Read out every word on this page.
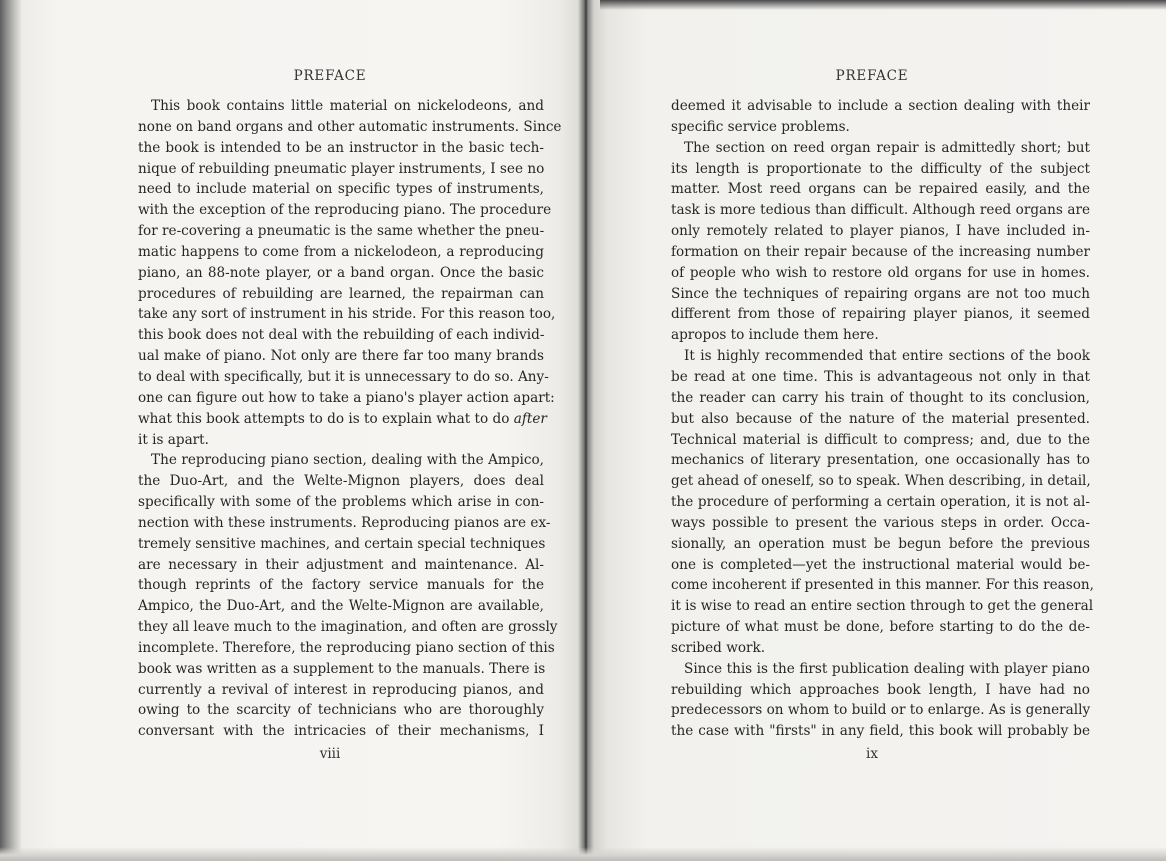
PREFACE

This book contains little material on nickelodeons, and
none on band organs and other automatic instruments. Since
the book is intended to be an instructor in the basic tech-
nique of rebuilding pneumatic player instruments, I see no
need to include material on specific types of instruments,
with the exception of the reproducing piano. The procedure
for re-covering a pneumatic is the same whether the pneu-
matic happens to come from a nickelodeon, a reproducing
piano, an 88-note player, or a band organ. Once the basic
procedures of rebuilding are learned, the repairman can
take any sort of instrument in his stride. For this reason too,
this book does not deal with the rebuilding of each individ-
ual make of piano. Not only are there far too many brands
to deal with specifically, but it is unnecessary to do so. Any-
one can figure out how to take a piano's player action apart:
what this book attempts to do is to explain what to do after
it is apart.

The reproducing piano section, dealing with the Ampico,
the Duo-Art, and the Welte-Mignon players, does deal
specifically with some of the problems which arise in con-
nection with these instruments. Reproducing pianos are ex-
tremely sensitive machines, and certain special techniques
are necessary in their adjustment and maintenance. Al-
though reprints of the factory service manuals for the
Ampico, the Duo-Art, and the Welte-Mignon are available,
they all leave much to the imagination, and often are grossly
incomplete. Therefore, the reproducing piano section of this
book was written as a supplement to the manuals. There is
currently a revival of interest in reproducing pianos, and
owing to the scarcity of technicians who are thoroughly
conversant with the intricacies of their mechanisms, I

viii
PREFACE

deemed it advisable to include a section dealing with their
specific service problems.

The section on reed organ repair is admittedly short; but
its length is proportionate to the difficulty of the subject
matter. Most reed organs can be repaired easily, and the
task is more tedious than difficult. Although reed organs are
only remotely related to player pianos, I have included in-
formation on their repair because of the increasing number
of people who wish to restore old organs for use in homes.
Since the techniques of repairing organs are not too much
different from those of repairing player pianos, it seemed
apropos to include them here.

It is highly recommended that entire sections of the book
be read at one time. This is advantageous not only in that
the reader can carry his train of thought to its conclusion,
but also because of the nature of the material presented.
Technical material is difficult to compress; and, due to the
mechanics of literary presentation, one occasionally has to
get ahead of oneself, so to speak. When describing, in detail,
the procedure of performing a certain operation, it is not al-
ways possible to present the various steps in order. Occa-
sionally, an operation must be begun before the previous
one is completed—yet the instructional material would be-
come incoherent if presented in this manner. For this reason,
it is wise to read an entire section through to get the general
picture of what must be done, before starting to do the de-
scribed work.

Since this is the first publication dealing with player piano
rebuilding which approaches book length, I have had no
predecessors on whom to build or to enlarge. As is generally
the case with "firsts" in any field, this book will probably be

ix
